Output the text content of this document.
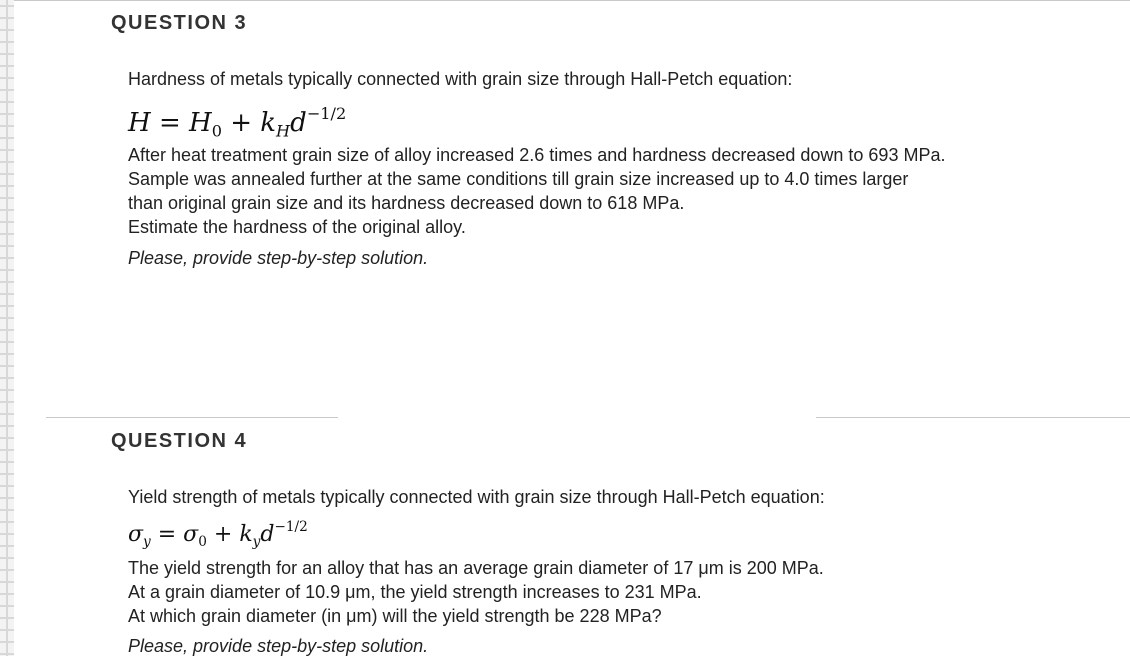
QUESTION 3
Hardness of metals typically connected with grain size through Hall-Petch equation:
$H = H_0 + k_Hd^{-1/2}$
After heat treatment grain size of alloy increased 2.6 times and hardness decreased down to 693 MPa.
Sample was annealed further at the same conditions till grain size increased up to 4.0 times larger
than original grain size and its hardness decreased down to 618 MPa.
Estimate the hardness of the original alloy.
Please, provide step-by-step solution.
QUESTION 4
Yield strength of metals typically connected with grain size through Hall-Petch equation:
$\sigma_y = \sigma_0 + k_yd^{-1/2}$
The yield strength for an alloy that has an average grain diameter of 17 μm is 200 MPa.
At a grain diameter of 10.9 μm, the yield strength increases to 231 MPa.
At which grain diameter (in μm) will the yield strength be 228 MPa?
Please, provide step-by-step solution.
